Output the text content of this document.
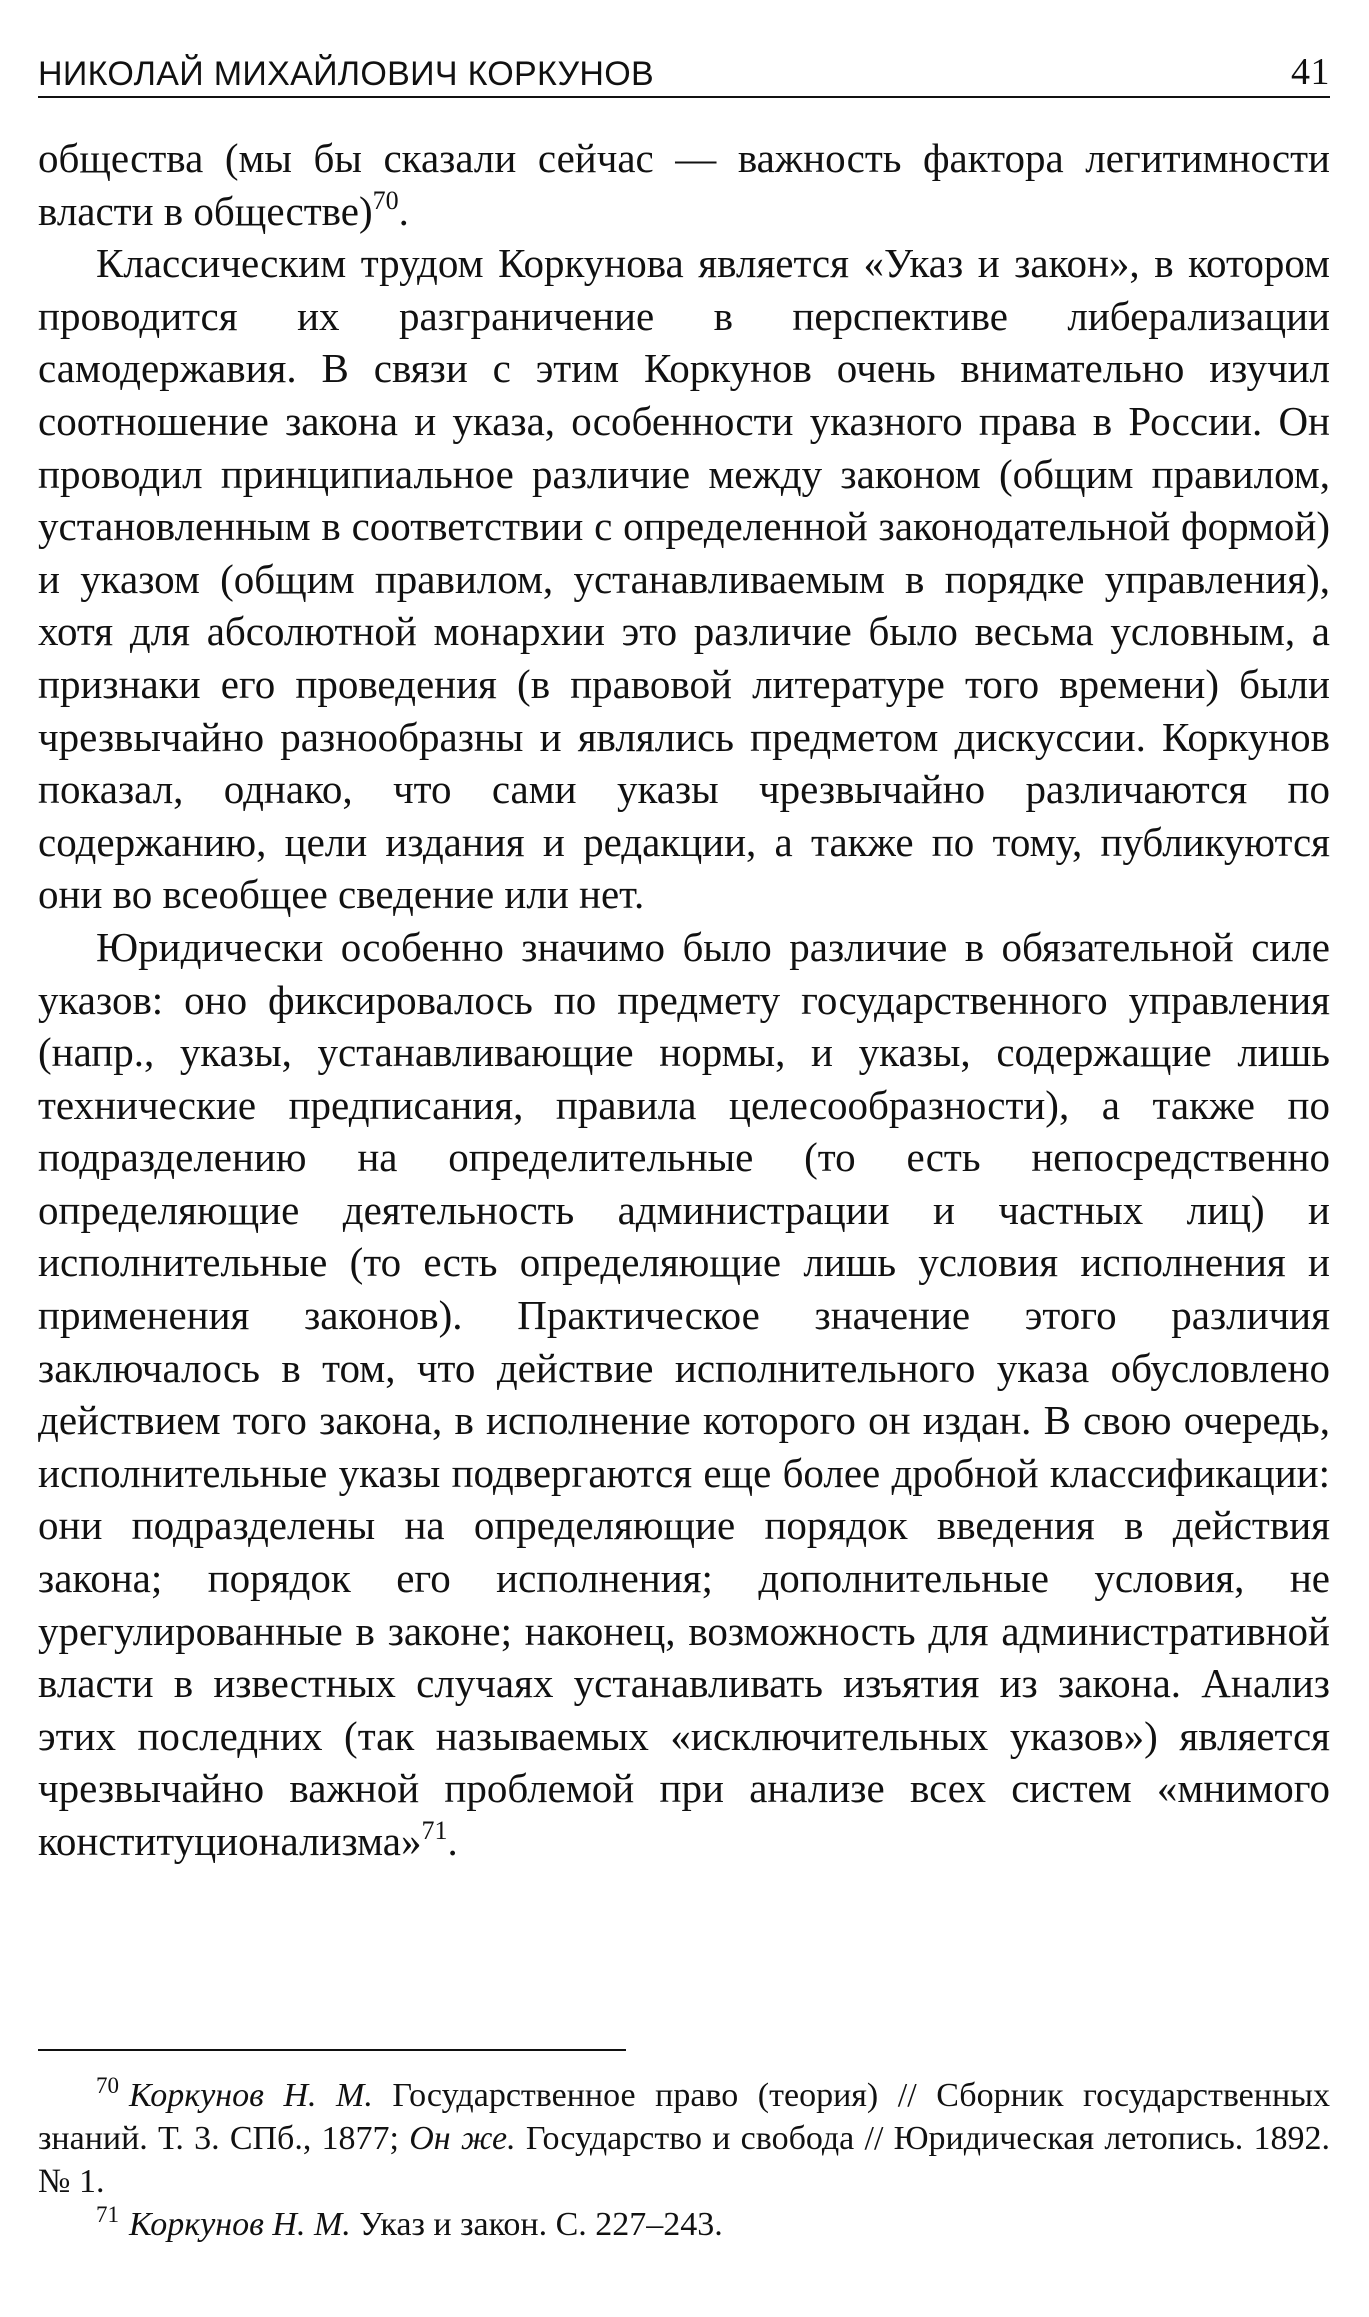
НИКОЛАЙ МИХАЙЛОВИЧ КОРКУНОВ	41

общества (мы бы сказали сейчас — важность фактора легитимности власти в обществе)$^{70}$.

Классическим трудом Коркунова является «Указ и закон», в котором проводится их разграничение в перспективе либерализации самодержавия. В связи с этим Коркунов очень внимательно изучил соотношение закона и указа, особенности указного права в России. Он проводил принципиальное различие между законом (общим правилом, установленным в соответствии с определенной законодательной формой) и указом (общим правилом, устанавливаемым в порядке управления), хотя для абсолютной монархии это различие было весьма условным, а признаки его проведения (в правовой литературе того времени) были чрезвычайно разнообразны и являлись предметом дискуссии. Коркунов показал, однако, что сами указы чрезвычайно различаются по содержанию, цели издания и редакции, а также по тому, публикуются они во всеобщее сведение или нет.

Юридически особенно значимо было различие в обязательной силе указов: оно фиксировалось по предмету государственного управления (напр., указы, устанавливающие нормы, и указы, содержащие лишь технические предписания, правила целесообразности), а также по подразделению на определительные (то есть непосредственно определяющие деятельность администрации и частных лиц) и исполнительные (то есть определяющие лишь условия исполнения и применения законов). Практическое значение этого различия заключалось в том, что действие исполнительного указа обусловлено действием того закона, в исполнение которого он издан. В свою очередь, исполнительные указы подвергаются еще более дробной классификации: они подразделены на определяющие порядок введения в действия закона; порядок его исполнения; дополнительные условия, не урегулированные в законе; наконец, возможность для административной власти в известных случаях устанавливать изъятия из закона. Анализ этих последних (так называемых «исключительных указов») является чрезвычайно важной проблемой при анализе всех систем «мнимого конституционализма»$^{71}$.

$^{70}$ Коркунов Н. М. Государственное право (теория) // Сборник государственных знаний. Т. 3. СПб., 1877; Он же. Государство и свобода // Юридическая летопись. 1892. № 1.

$^{71}$ Коркунов Н. М. Указ и закон. С. 227–243.
